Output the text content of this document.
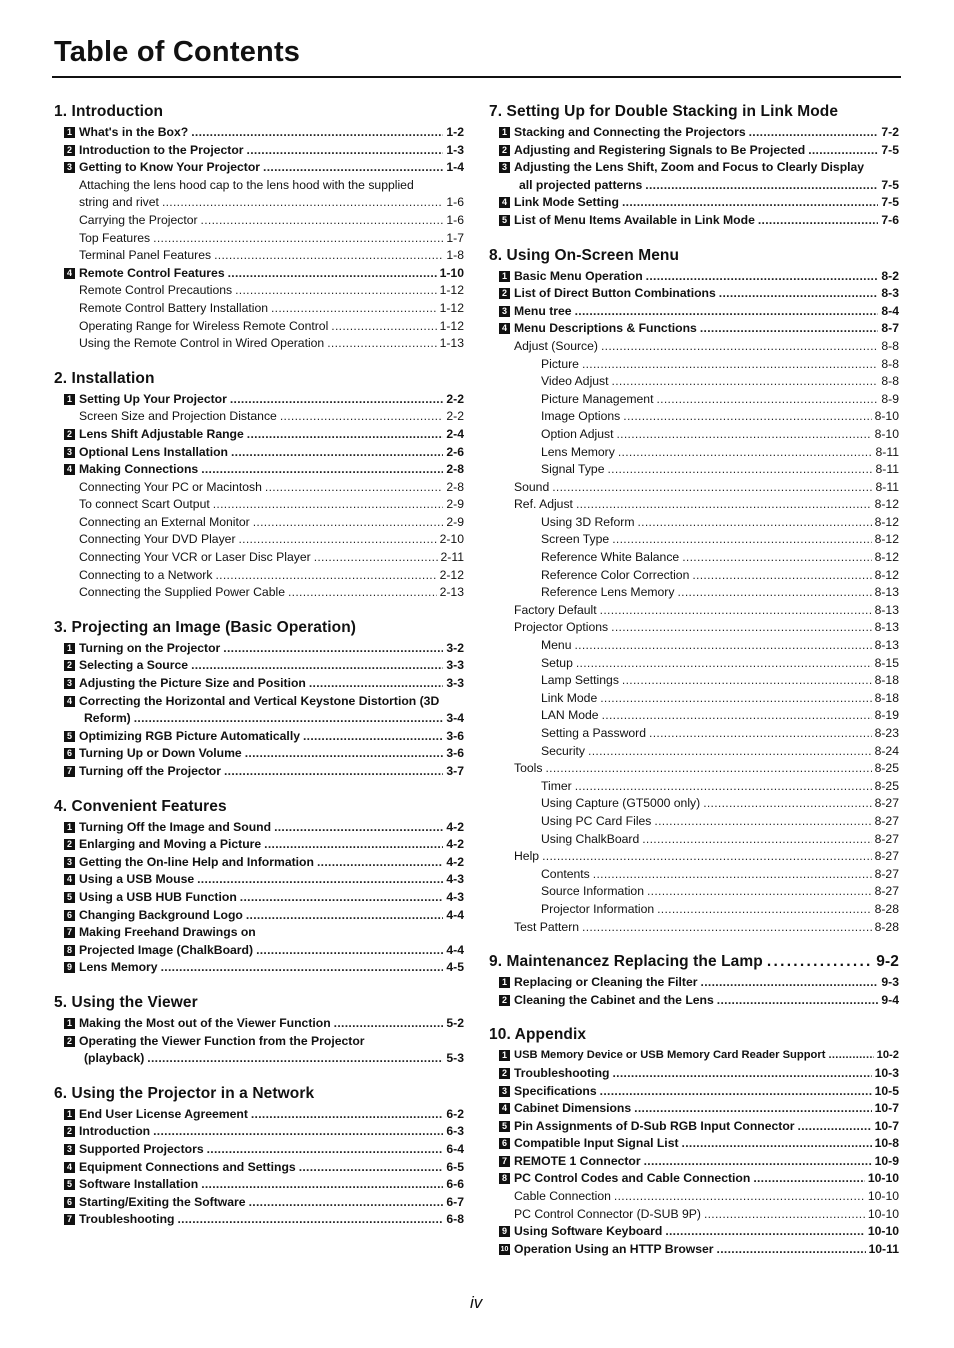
Table of Contents
1. Introduction
1 What's in the Box? .....	1-2
2 Introduction to the Projector .....	1-3
3 Getting to Know Your Projector .....	1-4
Attaching the lens hood cap to the lens hood with the supplied
string and rivet .....	1-6
Carrying the Projector .....	1-6
Top Features .....	1-7
Terminal Panel Features .....	1-8
4 Remote Control Features .....	1-10
Remote Control Precautions .....	1-12
Remote Control Battery Installation .....	1-12
Operating Range for Wireless Remote Control .....	1-12
Using the Remote Control in Wired Operation .....	1-13
2. Installation
1 Setting Up Your Projector .....	2-2
Screen Size and Projection Distance .....	2-2
2 Lens Shift Adjustable Range .....	2-4
3 Optional Lens Installation .....	2-6
4 Making Connections .....	2-8
Connecting Your PC or Macintosh .....	2-8
To connect Scart Output .....	2-9
Connecting an External Monitor .....	2-9
Connecting Your DVD Player .....	2-10
Connecting Your VCR or Laser Disc Player .....	2-11
Connecting to a Network .....	2-12
Connecting the Supplied Power Cable .....	2-13
3. Projecting an Image (Basic Operation)
1 Turning on the Projector .....	3-2
2 Selecting a Source .....	3-3
3 Adjusting the Picture Size and Position .....	3-3
4 Correcting the Horizontal and Vertical Keystone Distortion (3D
Reform) .....	3-4
5 Optimizing RGB Picture Automatically .....	3-6
6 Turning Up or Down Volume .....	3-6
7 Turning off the Projector .....	3-7
4. Convenient Features
1 Turning Off the Image and Sound .....	4-2
2 Enlarging and Moving a Picture .....	4-2
3 Getting the On-line Help and Information .....	4-2
4 Using a USB Mouse .....	4-3
5 Using a USB HUB Function .....	4-3
6 Changing Background Logo .....	4-4
7 Making Freehand Drawings on
8 Projected Image (ChalkBoard) .....	4-4
9 Lens Memory .....	4-5
5. Using the Viewer
1 Making the Most out of the Viewer Function .....	5-2
2 Operating the Viewer Function from the Projector
(playback) .....	5-3
6. Using the Projector in a Network
1 End User License Agreement .....	6-2
2 Introduction .....	6-3
3 Supported Projectors .....	6-4
4 Equipment Connections and Settings .....	6-5
5 Software Installation .....	6-6
6 Starting/Exiting the Software .....	6-7
7 Troubleshooting .....	6-8
7. Setting Up for Double Stacking in Link Mode
1 Stacking and Connecting the Projectors .....	7-2
2 Adjusting and Registering Signals to Be Projected .....	7-5
3 Adjusting the Lens Shift, Zoom and Focus to Clearly Display
all projected patterns .....	7-5
4 Link Mode Setting .....	7-5
5 List of Menu Items Available in Link Mode .....	7-6
8. Using On-Screen Menu
1 Basic Menu Operation .....	8-2
2 List of Direct Button Combinations .....	8-3
3 Menu tree .....	8-4
4 Menu Descriptions & Functions .....	8-7
Adjust (Source) .....	8-8
Picture .....	8-8
Video Adjust .....	8-8
Picture Management .....	8-9
Image Options .....	8-10
Option Adjust .....	8-10
Lens Memory .....	8-11
Signal Type .....	8-11
Sound .....	8-11
Ref. Adjust .....	8-12
Using 3D Reform .....	8-12
Screen Type .....	8-12
Reference White Balance .....	8-12
Reference Color Correction .....	8-12
Reference Lens Memory .....	8-13
Factory Default .....	8-13
Projector Options .....	8-13
Menu .....	8-13
Setup .....	8-15
Lamp Settings .....	8-18
Link Mode .....	8-18
LAN Mode .....	8-19
Setting a Password .....	8-23
Security .....	8-24
Tools .....	8-25
Timer .....	8-25
Using Capture (GT5000 only) .....	8-27
Using PC Card Files .....	8-27
Using ChalkBoard .....	8-27
Help .....	8-27
Contents .....	8-27
Source Information .....	8-27
Projector Information .....	8-28
Test Pattern .....	8-28
9. Maintenancez Replacing the Lamp . . .	9-2
1 Replacing or Cleaning the Filter .....	9-3
2 Cleaning the Cabinet and the Lens .....	9-4
10. Appendix
1 USB Memory Device or USB Memory Card Reader Support .....	10-2
2 Troubleshooting .....	10-3
3 Specifications .....	10-5
4 Cabinet Dimensions .....	10-7
5 Pin Assignments of D-Sub RGB Input Connector .....	10-7
6 Compatible Input Signal List .....	10-8
7 REMOTE 1 Connector .....	10-9
8 PC Control Codes and Cable Connection .....	10-10
Cable Connection .....	10-10
PC Control Connector (D-SUB 9P) .....	10-10
9 Using Software Keyboard .....	10-10
10 Operation Using an HTTP Browser .....	10-11
iv
